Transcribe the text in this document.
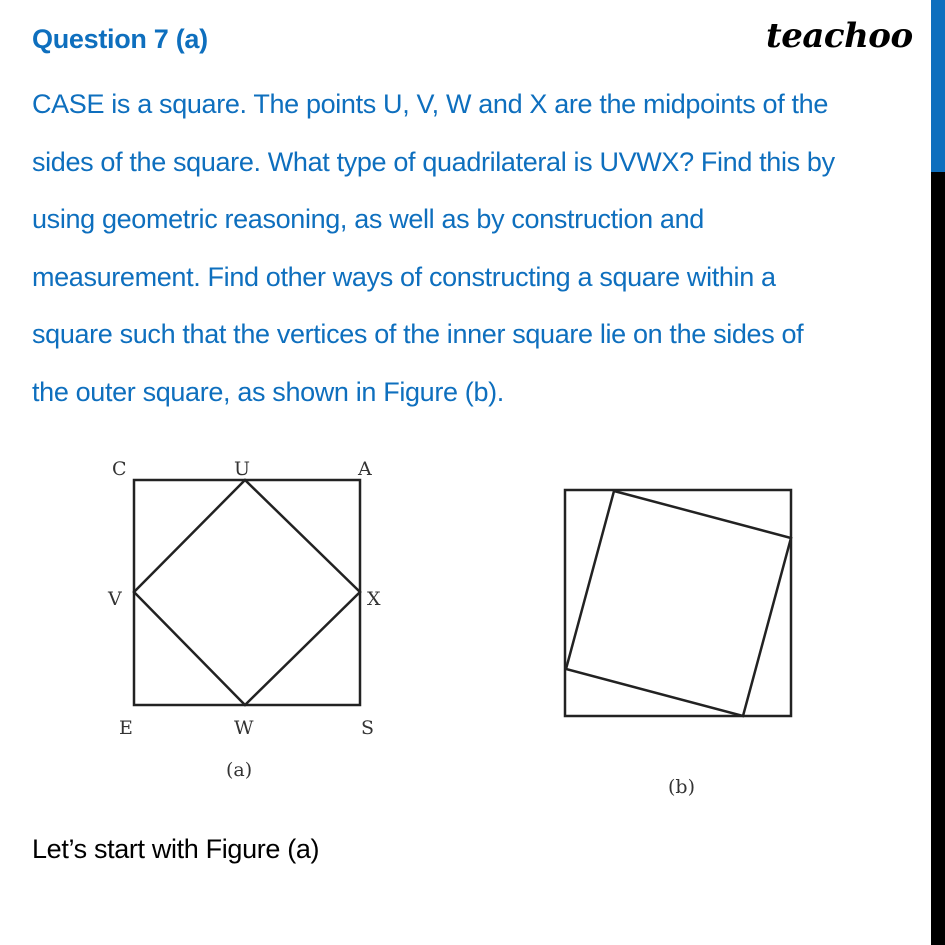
Question 7 (a)	teachoo
CASE is a square. The points U, V, W and X are the midpoints of the
sides of the square. What type of quadrilateral is UVWX? Find this by
using geometric reasoning, as well as by construction and
measurement. Find other ways of constructing a square within a
square such that the vertices of the inner square lie on the sides of
the outer square, as shown in Figure (b).
C	U	A
V	X
E	W	S
(a)
(b)
Let’s start with Figure (a)
